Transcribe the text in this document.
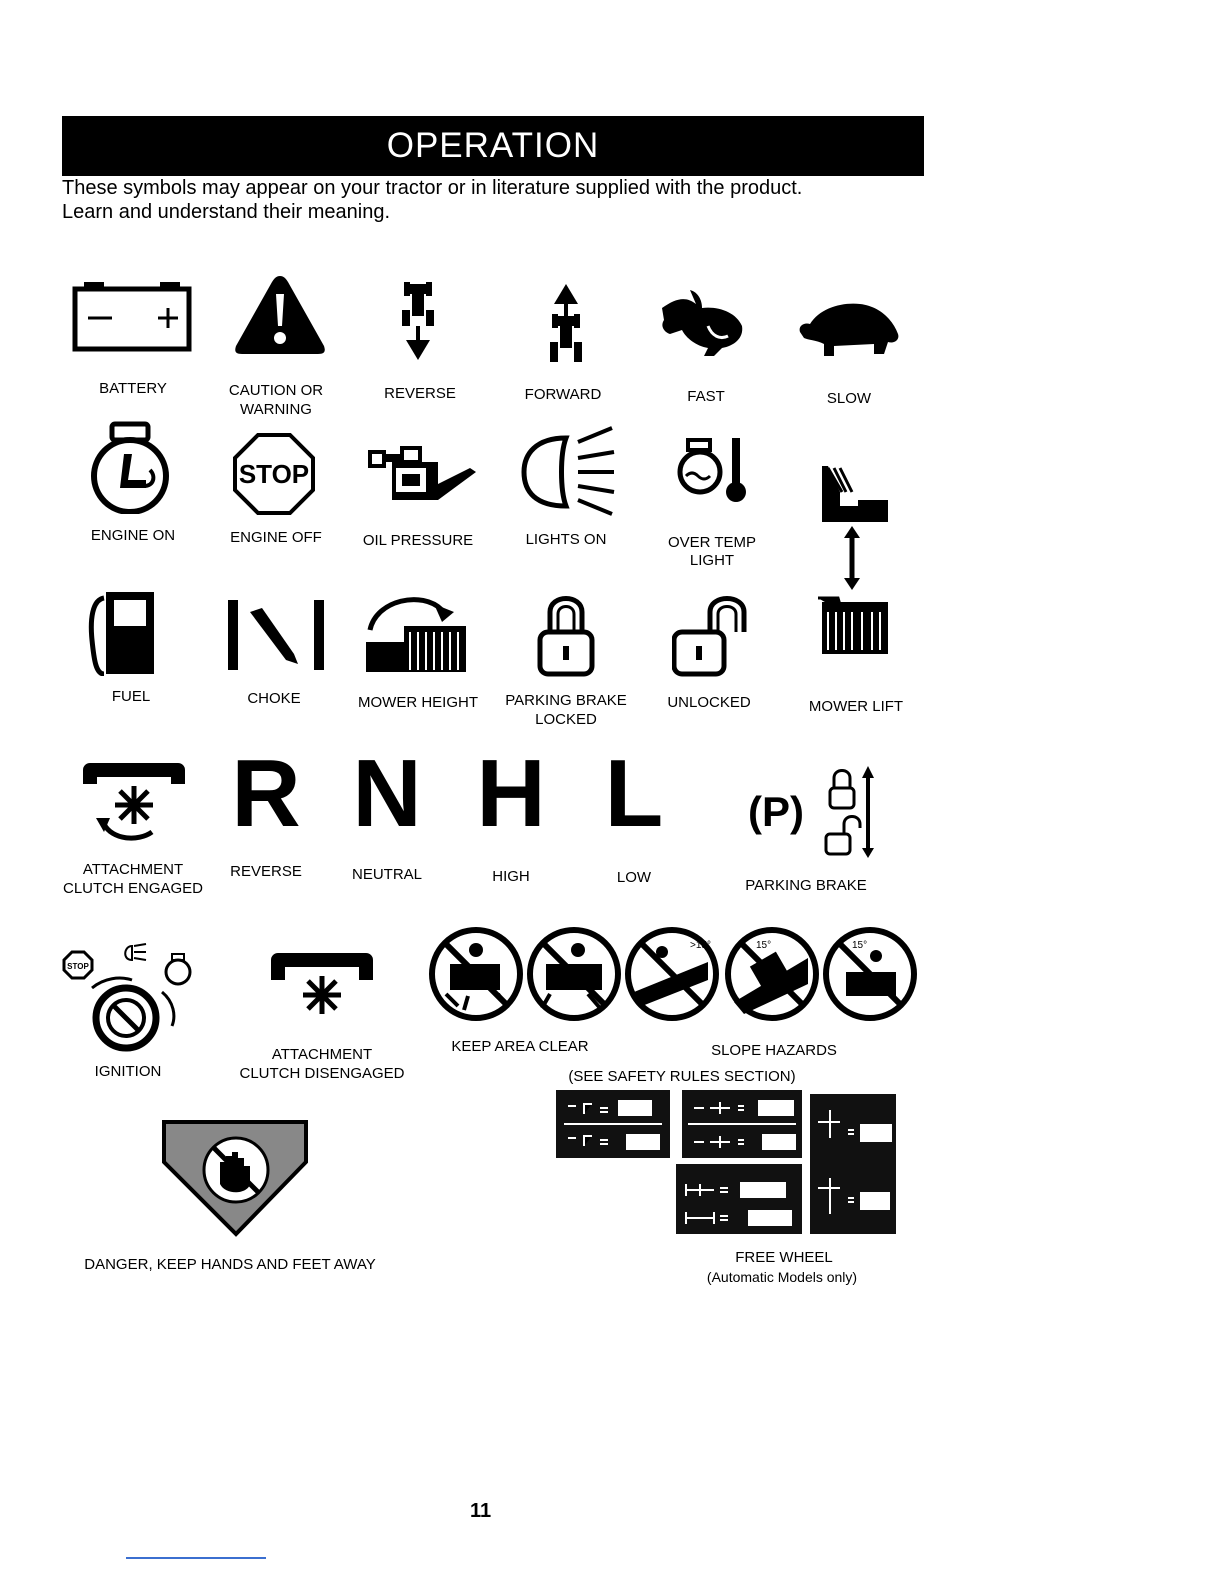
OPERATION
These symbols may appear on your tractor or in literature supplied with the product.
Learn and understand their meaning.
BATTERY	CAUTION OR
WARNING
REVERSE	FORWARD	FAST	SLOW
ENGINE ON
STOP
ENGINE OFF	OIL PRESSURE	LIGHTS ON	OVER TEMP
LIGHT
MOWER LIFT
FUEL	CHOKE	MOWER HEIGHT PARKING BRAKE
LOCKED
UNLOCKED
ATTACHMENT
CLUTCH ENGAGED
R
REVERSE
N
NEUTRAL
H
HIGH
L
LOW
(P)
PARKING BRAKE
STOP
IGNITION
ATTACHMENT
CLUTCH DISENGAGED
>15°	15°	15°
KEEP AREA CLEAR	SLOPE HAZARDS
(SEE SAFETY RULES SECTION)
DANGER, KEEP HANDS AND FEET AWAY	FREE WHEEL
(Automatic Models only)
11
